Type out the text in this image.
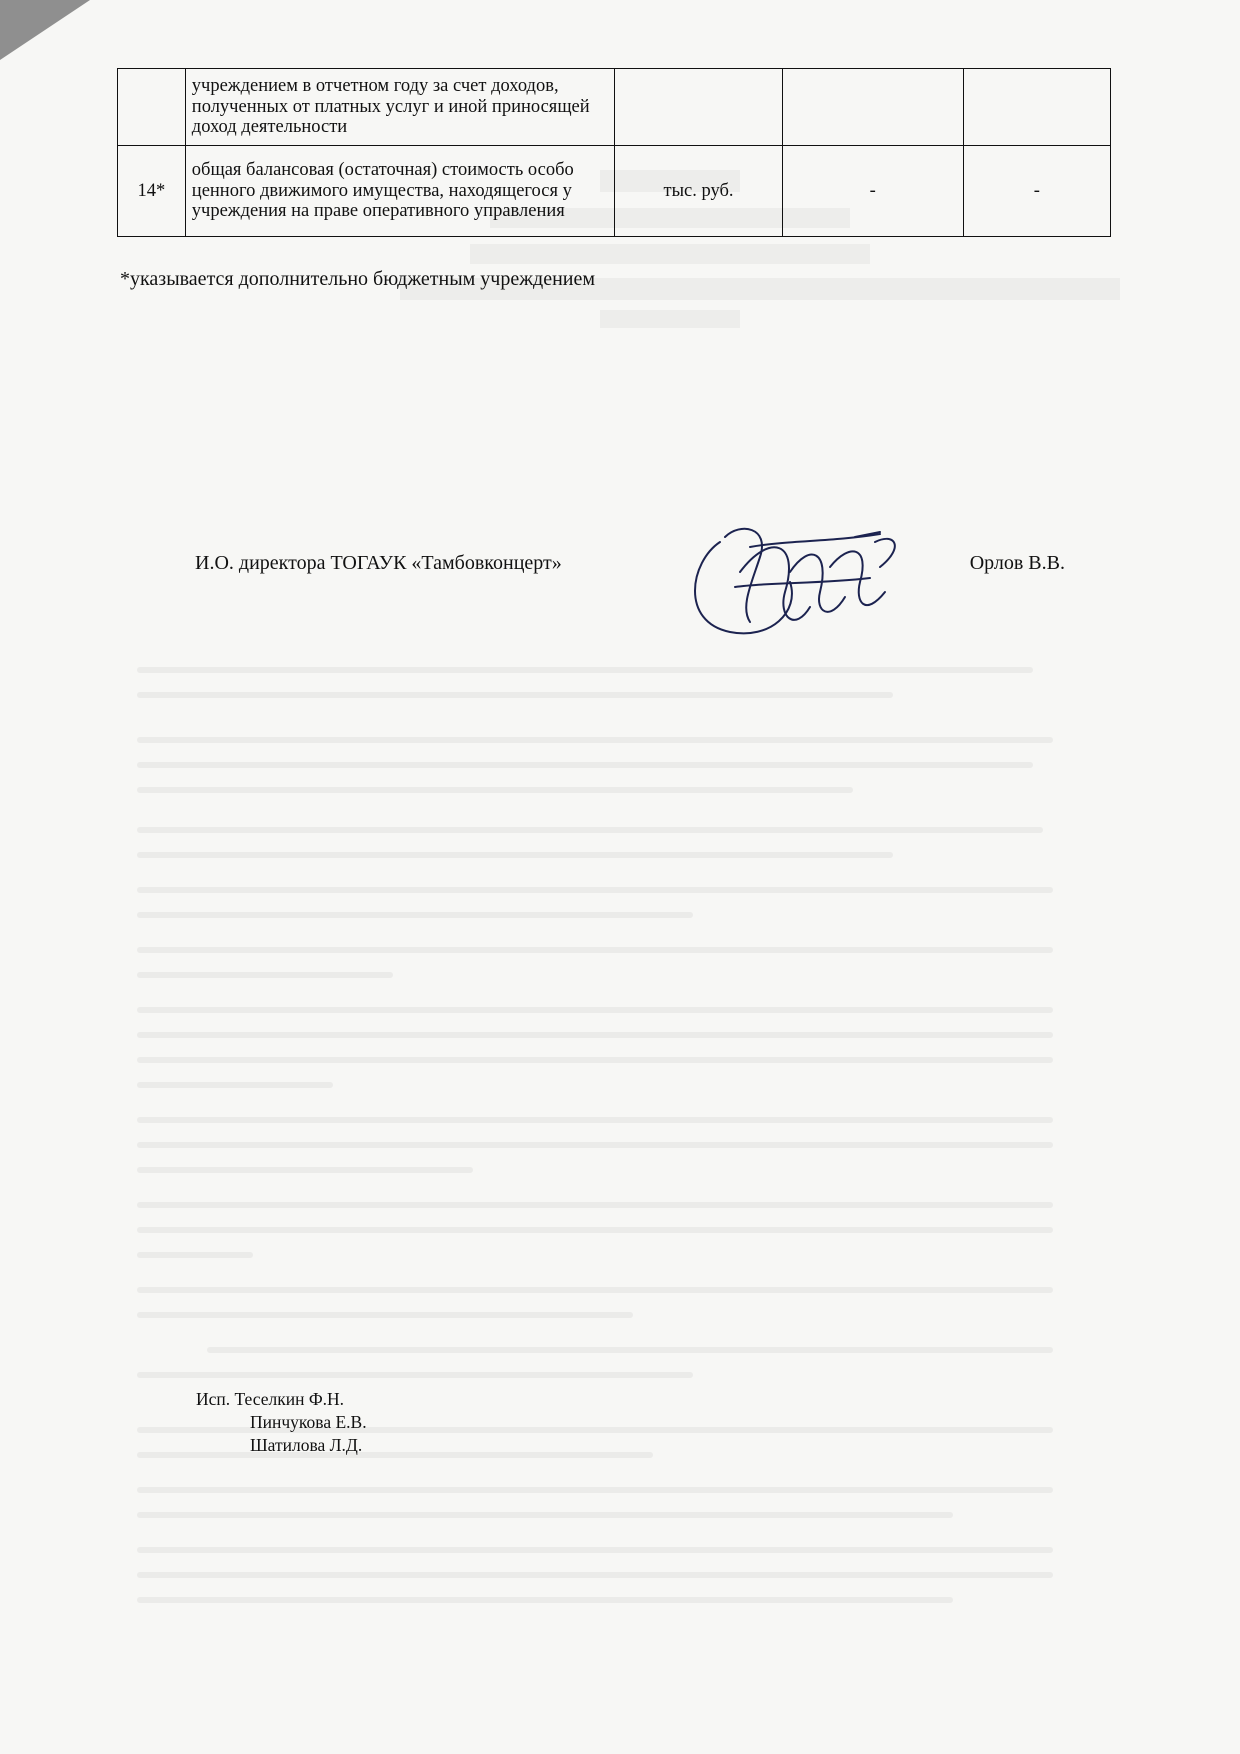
	учреждением в отчетном году за счет доходов, полученных от платных услуг и иной приносящей доход деятельности			
14*	общая балансовая (остаточная) стоимость особо ценного движимого имущества, находящегося у учреждения на праве оперативного управления	тыс. руб.	-	-
*указывается дополнительно бюджетным учреждением
И.О. директора ТОГАУК «Тамбовконцерт»	Орлов В.В.
Исп. Теселкин Ф.Н.
Пинчукова Е.В.
Шатилова Л.Д.
